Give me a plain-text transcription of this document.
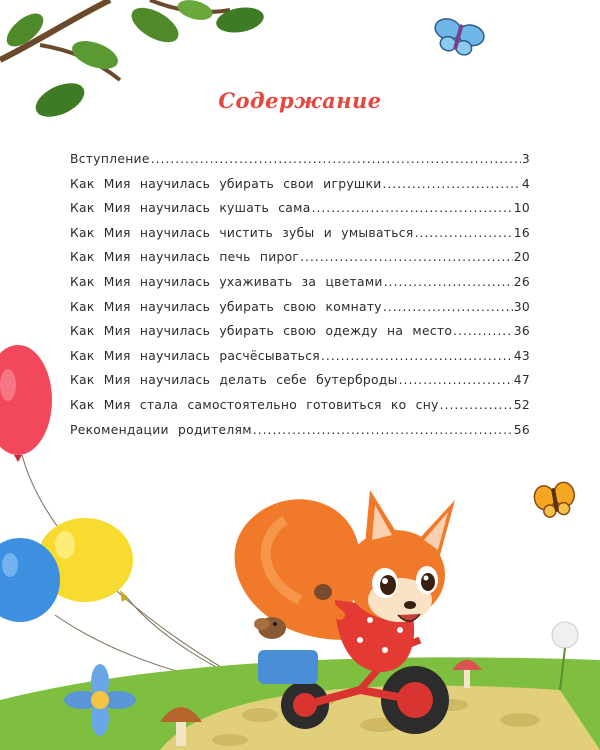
Содержание
Вступление .....	3
Как Мия научилась убирать свои игрушки .....	4
Как Мия научилась кушать сама .....	10
Как Мия научилась чистить зубы и умываться .....	16
Как Мия научилась печь пирог .....	20
Как Мия научилась ухаживать за цветами .....	26
Как Мия научилась убирать свою комнату .....	30
Как Мия научилась убирать свою одежду на место .....	36
Как Мия научилась расчёсываться .....	43
Как Мия научилась делать себе бутерброды .....	47
Как Мия стала самостоятельно готовиться ко сну .....	52
Рекомендации родителям .....	56
